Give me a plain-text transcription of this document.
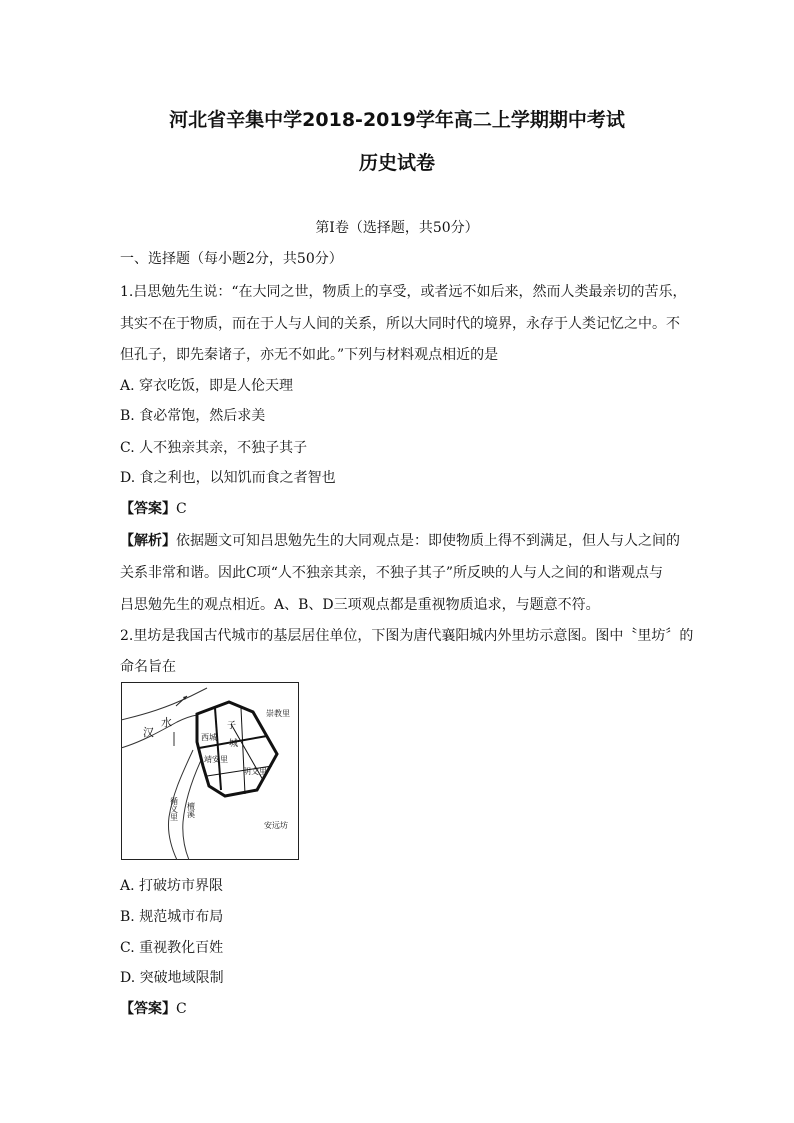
河北省辛集中学2018-2019学年高二上学期期中考试
历史试卷
第Ⅰ卷（选择题，共50分）
一、选择题（每小题2分，共50分）
1.吕思勉先生说：“在大同之世，物质上的享受，或者远不如后来，然而人类最亲切的苦乐，
其实不在于物质，而在于人与人间的关系，所以大同时代的境界，永存于人类记忆之中。不
但孔子，即先秦诸子，亦无不如此。”下列与材料观点相近的是
A. 穿衣吃饭，即是人伦天理
B. 食必常饱，然后求美
C. 人不独亲其亲，不独子其子
D. 食之利也，以知饥而食之者智也
【答案】C
【解析】依据题文可知吕思勉先生的大同观点是：即使物质上得不到满足，但人与人之间的
关系非常和谐。因此C项“人不独亲其亲，不独子其子”所反映的人与人之间的和谐观点与
吕思勉先生的观点相近。A、B、D三项观点都是重视物质追求，与题意不符。
2.里坊是我国古代城市的基层居住单位，下图为唐代襄阳城内外里坊示意图。图中〝里坊〞的
命名旨在
汉
水	子
城
西城
崇教里
靖安里
明文里
安远坊
循义里 檀溪
A. 打破坊市界限
B. 规范城市布局
C. 重视教化百姓
D. 突破地域限制
【答案】C
